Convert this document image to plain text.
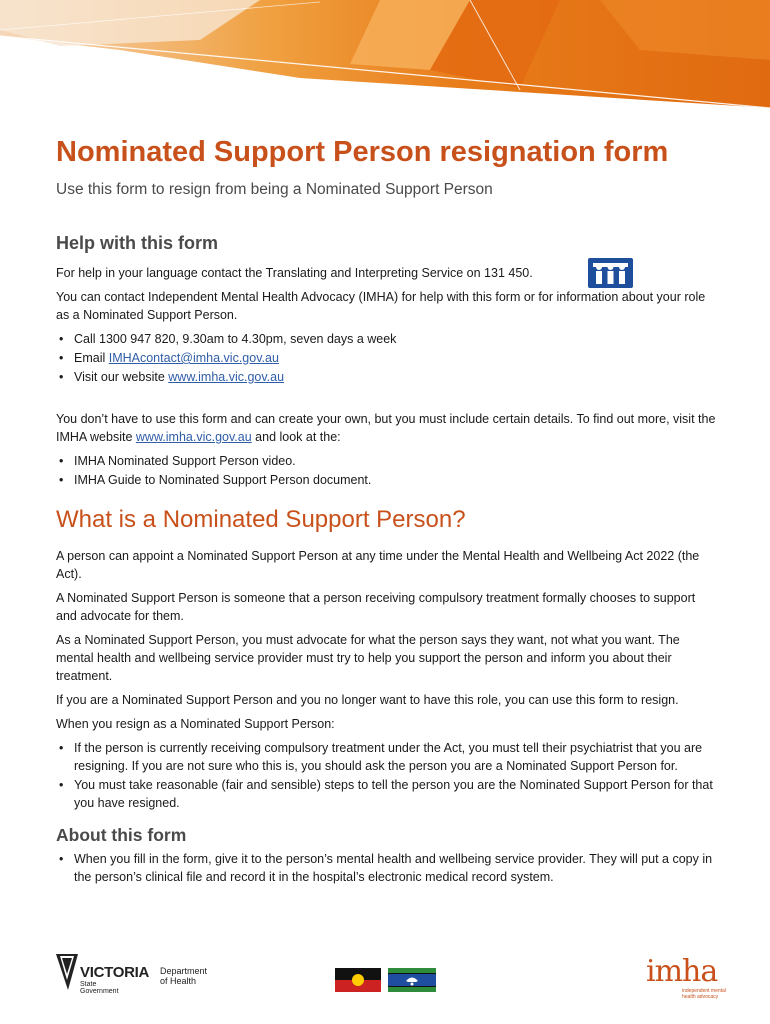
Nominated Support Person resignation form
Use this form to resign from being a Nominated Support Person
Help with this form

For help in your language contact the Translating and Interpreting Service on 131 450.

You can contact Independent Mental Health Advocacy (IMHA) for help with this form or for information about your role as a Nominated Support Person.

• Call 1300 947 820, 9.30am to 4.30pm, seven days a week
• Email IMHAcontact@imha.vic.gov.au
• Visit our website www.imha.vic.gov.au

You don’t have to use this form and can create your own, but you must include certain details. To find out more, visit the IMHA website www.imha.vic.gov.au and look at the:

• IMHA Nominated Support Person video.
• IMHA Guide to Nominated Support Person document.
What is a Nominated Support Person?

A person can appoint a Nominated Support Person at any time under the Mental Health and Wellbeing Act 2022 (the Act).

A Nominated Support Person is someone that a person receiving compulsory treatment formally chooses to support and advocate for them.

As a Nominated Support Person, you must advocate for what the person says they want, not what you want. The mental health and wellbeing service provider must try to help you support the person and inform you about their treatment.

If you are a Nominated Support Person and you no longer want to have this role, you can use this form to resign.

When you resign as a Nominated Support Person:

• If the person is currently receiving compulsory treatment under the Act, you must tell their psychiatrist that you are resigning. If you are not sure who this is, you should ask the person you are a Nominated Support Person for.
• You must take reasonable (fair and sensible) steps to tell the person you are the Nominated Support Person for that you have resigned.
About this form
• When you fill in the form, give it to the person’s mental health and wellbeing service provider. They will put a copy in the person’s clinical file and record it in the hospital’s electronic medical record system.
VICTORIA
State
Government
Department
of Health	imha
independent mental health advocacy
